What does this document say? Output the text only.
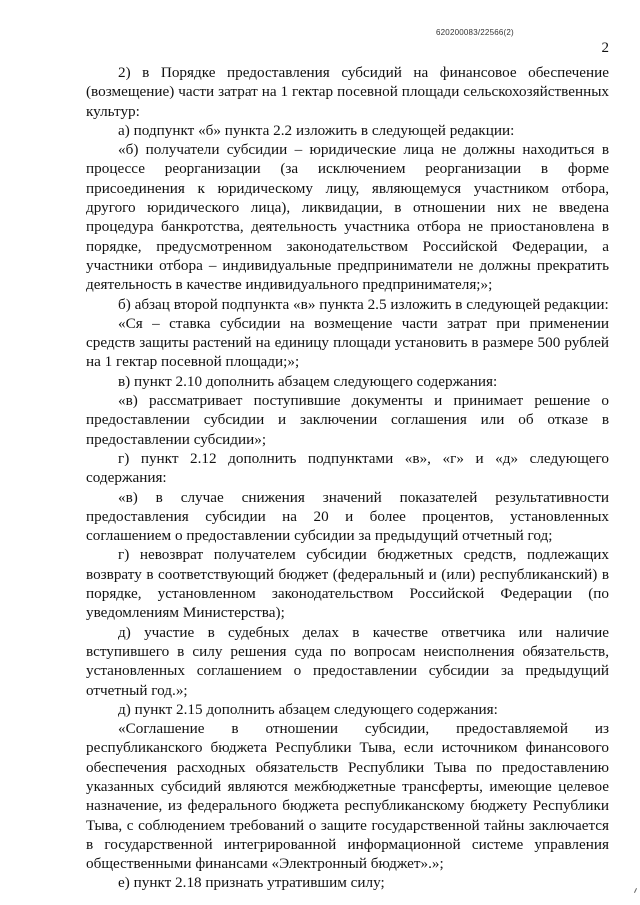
620200083/22566(2)
2

2) в Порядке предоставления субсидий на финансовое обеспечение (возмещение) части затрат на 1 гектар посевной площади сельскохозяйственных культур:

а) подпункт «б» пункта 2.2 изложить в следующей редакции:

«б) получатели субсидии – юридические лица не должны находиться в процессе реорганизации (за исключением реорганизации в форме присоединения к юридическому лицу, являющемуся участником отбора, другого юридического лица), ликвидации, в отношении них не введена процедура банкротства, деятельность участника отбора не приостановлена в порядке, предусмотренном законодательством Российской Федерации, а участники отбора – индивидуальные предприниматели не должны прекратить деятельность в качестве индивидуального предпринимателя;»;

б) абзац второй подпункта «в» пункта 2.5 изложить в следующей редакции:

«Ся – ставка субсидии на возмещение части затрат при применении средств защиты растений на единицу площади установить в размере 500 рублей на 1 гектар посевной площади;»;

в) пункт 2.10 дополнить абзацем следующего содержания:

«в) рассматривает поступившие документы и принимает решение о предоставлении субсидии и заключении соглашения или об отказе в предоставлении субсидии»;

г) пункт 2.12 дополнить подпунктами «в», «г» и «д» следующего содержания:

«в) в случае снижения значений показателей результативности предоставления субсидии на 20 и более процентов, установленных соглашением о предоставлении субсидии за предыдущий отчетный год;

г) невозврат получателем субсидии бюджетных средств, подлежащих возврату в соответствующий бюджет (федеральный и (или) республиканский) в порядке, установленном законодательством Российской Федерации (по уведомлениям Министерства);

д) участие в судебных делах в качестве ответчика или наличие вступившего в силу решения суда по вопросам неисполнения обязательств, установленных соглашением о предоставлении субсидии за предыдущий отчетный год.»;

д) пункт 2.15 дополнить абзацем следующего содержания:

«Соглашение в отношении субсидии, предоставляемой из республиканского бюджета Республики Тыва, если источником финансового обеспечения расходных обязательств Республики Тыва по предоставлению указанных субсидий являются межбюджетные трансферты, имеющие целевое назначение, из федерального бюджета республиканскому бюджету Республики Тыва, с соблюдением требований о защите государственной тайны заключается в государственной интегрированной информационной системе управления общественными финансами «Электронный бюджет».»;

е) пункт 2.18 признать утратившим силу;
